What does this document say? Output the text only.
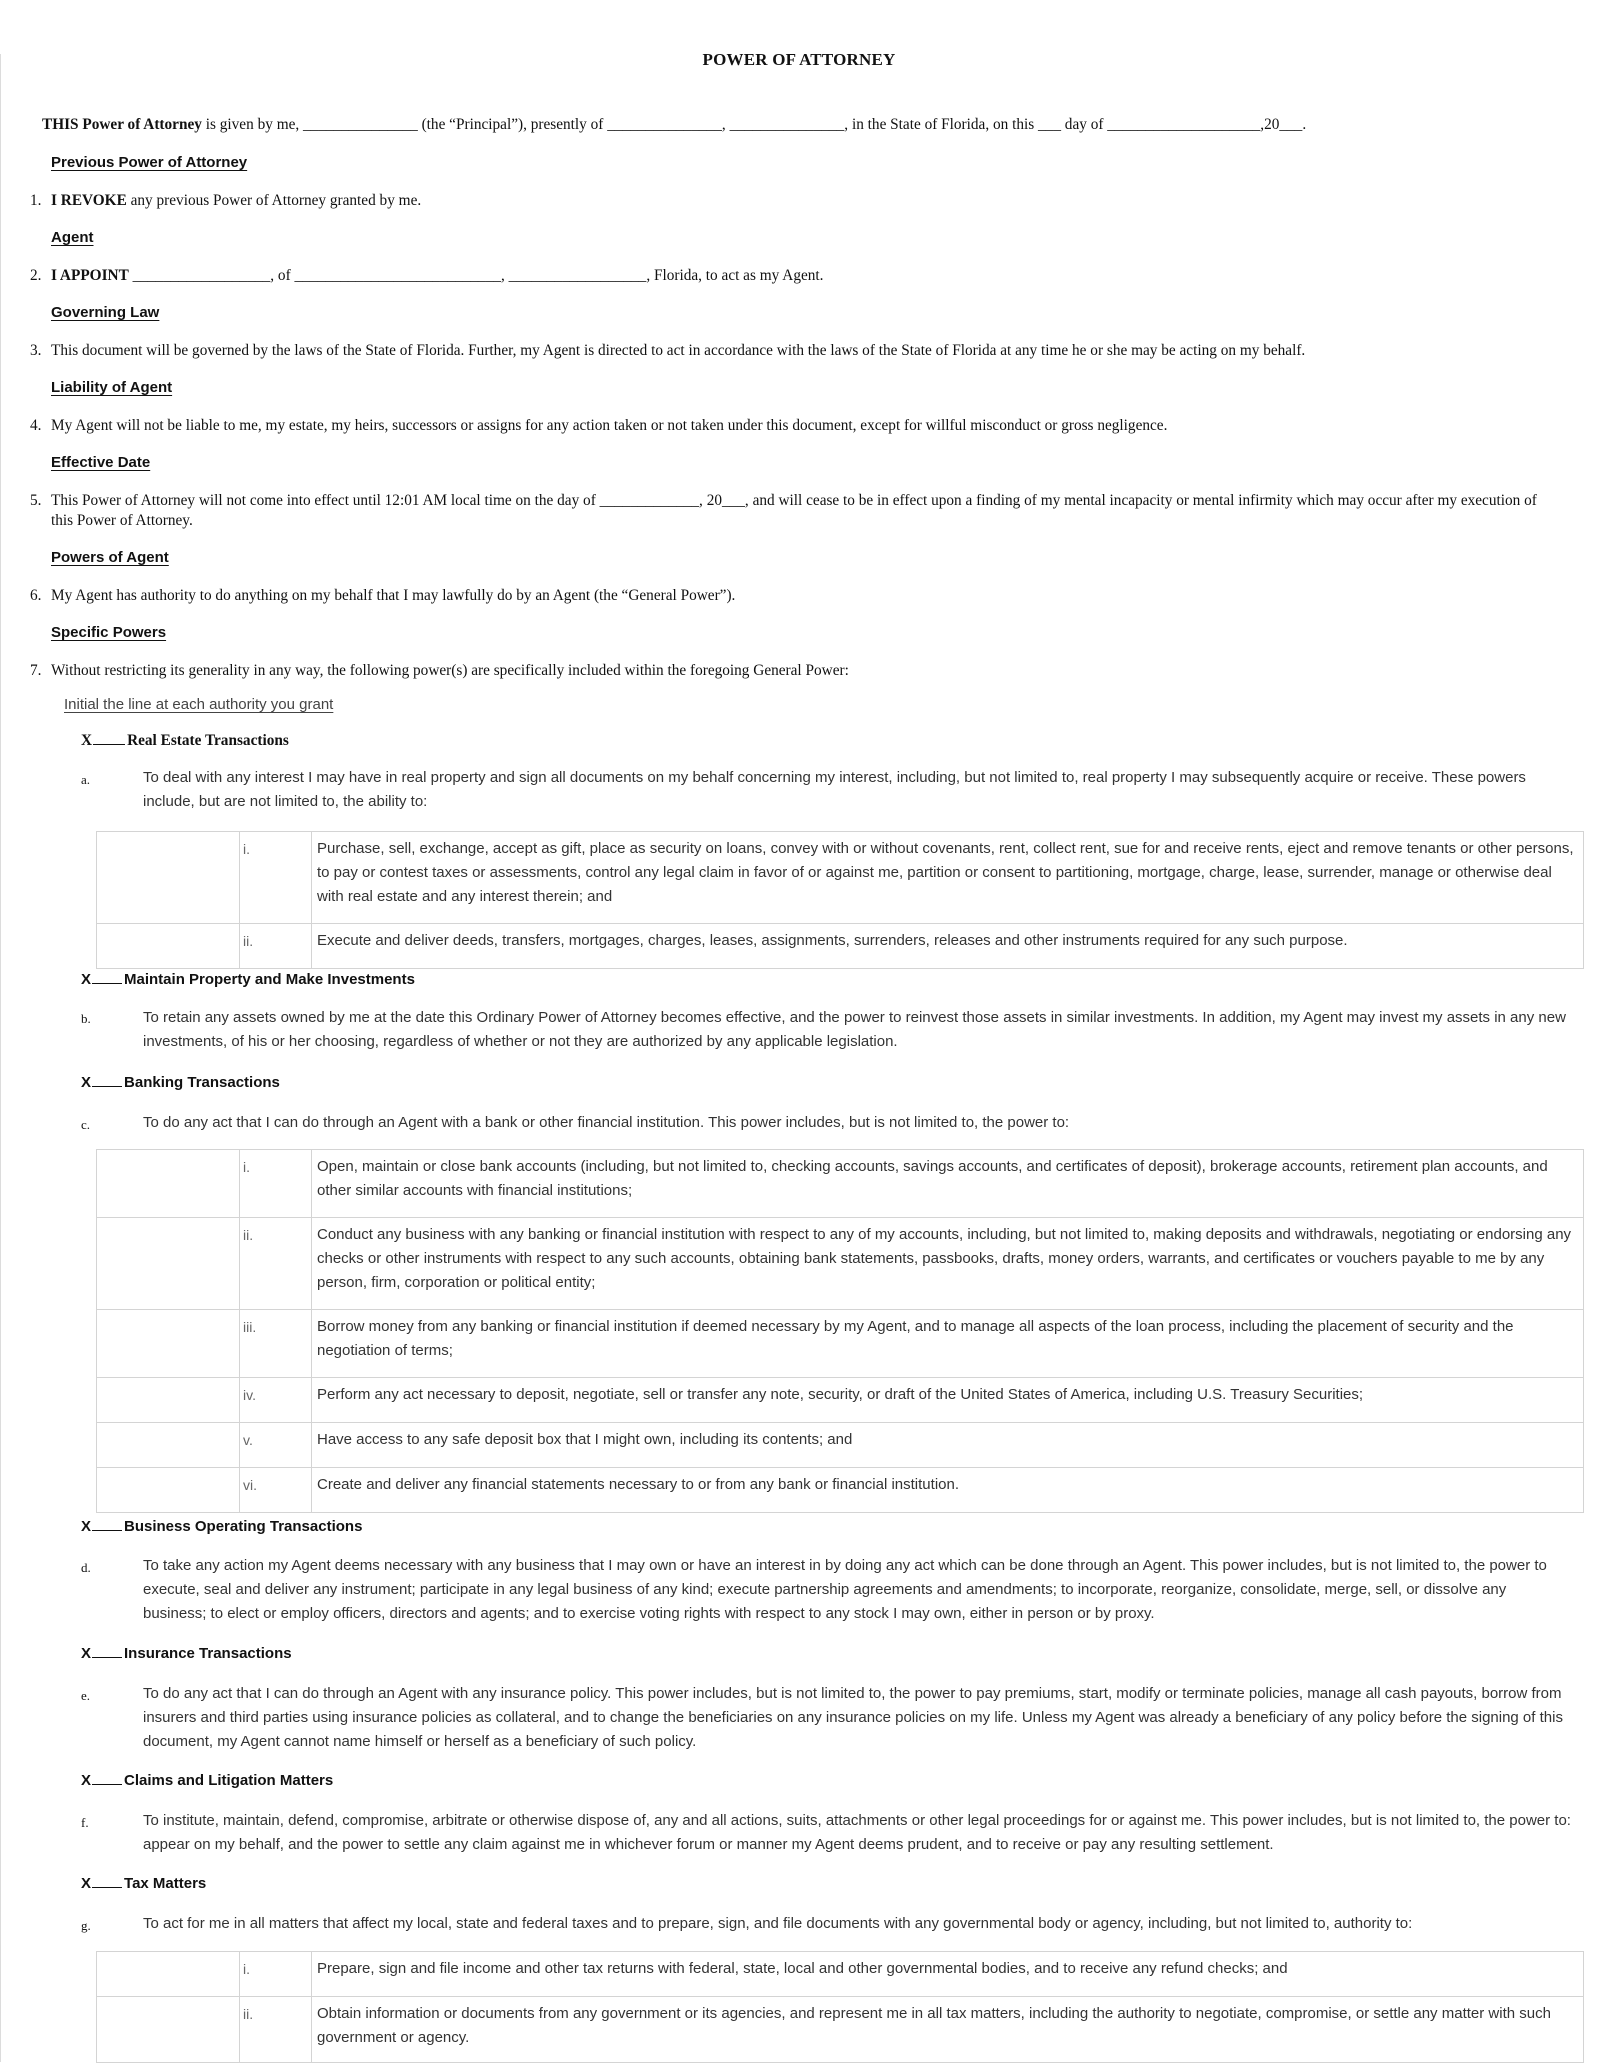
POWER OF ATTORNEY
THIS Power of Attorney is given by me, _______________ (the “Principal”), presently of _______________, _______________, in the State of Florida, on this ___ day of ____________________,20___.
Previous Power of Attorney
1. I REVOKE any previous Power of Attorney granted by me.
Agent
2. I APPOINT __________________, of ___________________________, __________________, Florida, to act as my Agent.
Governing Law
3. This document will be governed by the laws of the State of Florida. Further, my Agent is directed to act in accordance with the laws of the State of Florida at any time he or she may be acting on my behalf.
Liability of Agent
4. My Agent will not be liable to me, my estate, my heirs, successors or assigns for any action taken or not taken under this document, except for willful misconduct or gross negligence.
Effective Date
5. This Power of Attorney will not come into effect until 12:01 AM local time on the day of _____________, 20___, and will cease to be in effect upon a finding of my mental incapacity or mental infirmity which may occur after my execution of this Power of Attorney.
Powers of Agent
6. My Agent has authority to do anything on my behalf that I may lawfully do by an Agent (the “General Power”).
Specific Powers
7. Without restricting its generality in any way, the following power(s) are specifically included within the foregoing General Power:
Initial the line at each authority you grant
X Real Estate Transactions
a.	To deal with any interest I may have in real property and sign all documents on my behalf concerning my interest, including, but not limited to, real property I may subsequently acquire or receive. These powers include, but are not limited to, the ability to:
	i.	Purchase, sell, exchange, accept as gift, place as security on loans, convey with or without covenants, rent, collect rent, sue for and receive rents, eject and remove tenants or other persons, to pay or contest taxes or assessments, control any legal claim in favor of or against me, partition or consent to partitioning, mortgage, charge, lease, surrender, manage or otherwise deal with real estate and any interest therein; and
	ii.	Execute and deliver deeds, transfers, mortgages, charges, leases, assignments, surrenders, releases and other instruments required for any such purpose.
X Maintain Property and Make Investments
b.	To retain any assets owned by me at the date this Ordinary Power of Attorney becomes effective, and the power to reinvest those assets in similar investments. In addition, my Agent may invest my assets in any new investments, of his or her choosing, regardless of whether or not they are authorized by any applicable legislation.
X Banking Transactions
c.	To do any act that I can do through an Agent with a bank or other financial institution. This power includes, but is not limited to, the power to:
	i.	Open, maintain or close bank accounts (including, but not limited to, checking accounts, savings accounts, and certificates of deposit), brokerage accounts, retirement plan accounts, and other similar accounts with financial institutions;
	ii.	Conduct any business with any banking or financial institution with respect to any of my accounts, including, but not limited to, making deposits and withdrawals, negotiating or endorsing any checks or other instruments with respect to any such accounts, obtaining bank statements, passbooks, drafts, money orders, warrants, and certificates or vouchers payable to me by any person, firm, corporation or political entity;
	iii.	Borrow money from any banking or financial institution if deemed necessary by my Agent, and to manage all aspects of the loan process, including the placement of security and the negotiation of terms;
	iv.	Perform any act necessary to deposit, negotiate, sell or transfer any note, security, or draft of the United States of America, including U.S. Treasury Securities;
	v.	Have access to any safe deposit box that I might own, including its contents; and
	vi.	Create and deliver any financial statements necessary to or from any bank or financial institution.
X Business Operating Transactions
d.	To take any action my Agent deems necessary with any business that I may own or have an interest in by doing any act which can be done through an Agent. This power includes, but is not limited to, the power to execute, seal and deliver any instrument; participate in any legal business of any kind; execute partnership agreements and amendments; to incorporate, reorganize, consolidate, merge, sell, or dissolve any business; to elect or employ officers, directors and agents; and to exercise voting rights with respect to any stock I may own, either in person or by proxy.
X Insurance Transactions
e.	To do any act that I can do through an Agent with any insurance policy. This power includes, but is not limited to, the power to pay premiums, start, modify or terminate policies, manage all cash payouts, borrow from insurers and third parties using insurance policies as collateral, and to change the beneficiaries on any insurance policies on my life. Unless my Agent was already a beneficiary of any policy before the signing of this document, my Agent cannot name himself or herself as a beneficiary of such policy.
X Claims and Litigation Matters
f.	To institute, maintain, defend, compromise, arbitrate or otherwise dispose of, any and all actions, suits, attachments or other legal proceedings for or against me. This power includes, but is not limited to, the power to: appear on my behalf, and the power to settle any claim against me in whichever forum or manner my Agent deems prudent, and to receive or pay any resulting settlement.
X Tax Matters
g.	To act for me in all matters that affect my local, state and federal taxes and to prepare, sign, and file documents with any governmental body or agency, including, but not limited to, authority to:
	i.	Prepare, sign and file income and other tax returns with federal, state, local and other governmental bodies, and to receive any refund checks; and
	ii.	Obtain information or documents from any government or its agencies, and represent me in all tax matters, including the authority to negotiate, compromise, or settle any matter with such government or agency.
